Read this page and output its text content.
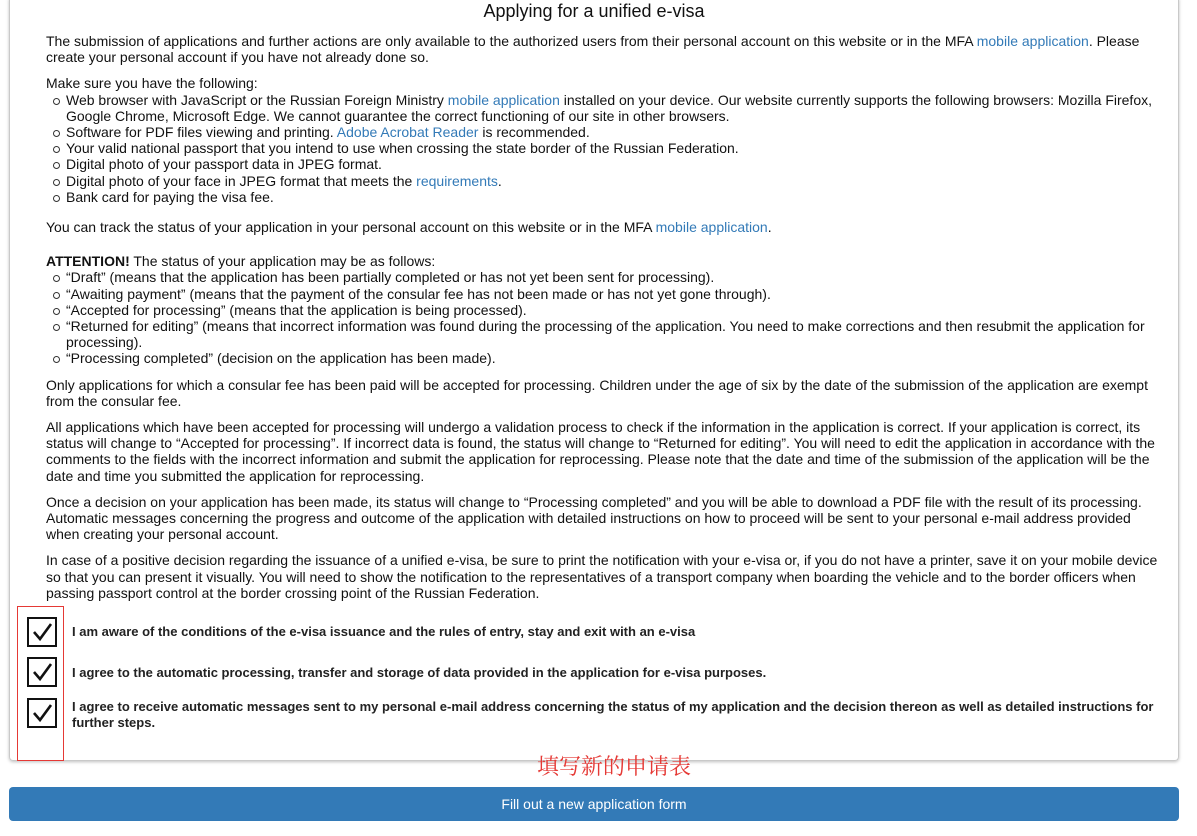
Applying for a unified e-visa

The submission of applications and further actions are only available to the authorized users from their personal account on this website or in the MFA mobile application. Please create your personal account if you have not already done so.

Make sure you have the following:

Web browser with JavaScript or the Russian Foreign Ministry mobile application installed on your device. Our website currently supports the following browsers: Mozilla Firefox, Google Chrome, Microsoft Edge. We cannot guarantee the correct functioning of our site in other browsers.
Software for PDF files viewing and printing. Adobe Acrobat Reader is recommended.
Your valid national passport that you intend to use when crossing the state border of the Russian Federation.
Digital photo of your passport data in JPEG format.
Digital photo of your face in JPEG format that meets the requirements.
Bank card for paying the visa fee.

You can track the status of your application in your personal account on this website or in the MFA mobile application.

ATTENTION! The status of your application may be as follows:

“Draft” (means that the application has been partially completed or has not yet been sent for processing).
“Awaiting payment” (means that the payment of the consular fee has not been made or has not yet gone through).
“Accepted for processing” (means that the application is being processed).
“Returned for editing” (means that incorrect information was found during the processing of the application. You need to make corrections and then resubmit the application for processing).
“Processing completed” (decision on the application has been made).

Only applications for which a consular fee has been paid will be accepted for processing. Children under the age of six by the date of the submission of the application are exempt from the consular fee.

All applications which have been accepted for processing will undergo a validation process to check if the information in the application is correct. If your application is correct, its status will change to “Accepted for processing”. If incorrect data is found, the status will change to “Returned for editing”. You will need to edit the application in accordance with the comments to the fields with the incorrect information and submit the application for reprocessing. Please note that the date and time of the submission of the application will be the date and time you submitted the application for reprocessing.

Once a decision on your application has been made, its status will change to “Processing completed” and you will be able to download a PDF file with the result of its processing. Automatic messages concerning the progress and outcome of the application with detailed instructions on how to proceed will be sent to your personal e-mail address provided when creating your personal account.

In case of a positive decision regarding the issuance of a unified e-visa, be sure to print the notification with your e-visa or, if you do not have a printer, save it on your mobile device so that you can present it visually. You will need to show the notification to the representatives of a transport company when boarding the vehicle and to the border officers when passing passport control at the border crossing point of the Russian Federation.

I am aware of the conditions of the e-visa issuance and the rules of entry, stay and exit with an e-visa
I agree to the automatic processing, transfer and storage of data provided in the application for e-visa purposes.
I agree to receive automatic messages sent to my personal e-mail address concerning the status of my application and the decision thereon as well as detailed instructions for further steps.
填写新的申请表
Fill out a new application form
